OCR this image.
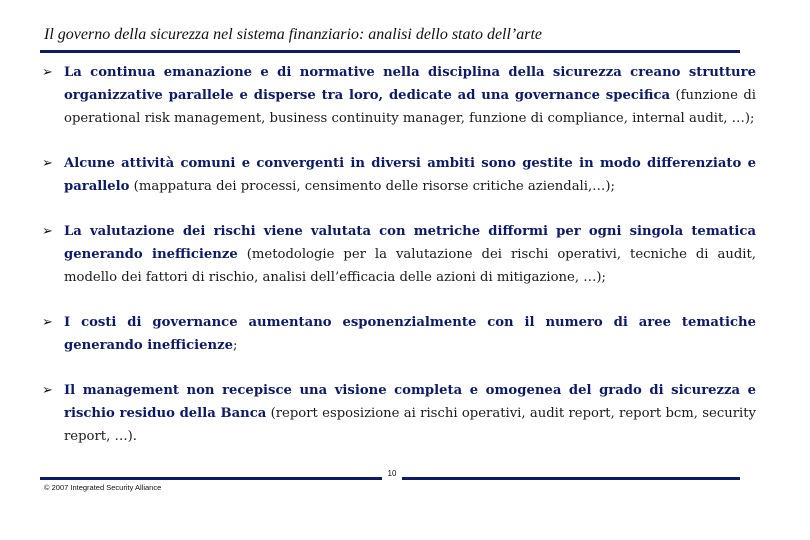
Il governo della sicurezza nel sistema finanziario: analisi dello stato dell’arte
➢ La continua emanazione e di normative nella disciplina della sicurezza creano strutture organizzative parallele e disperse tra loro, dedicate ad una governance specifica (funzione di operational risk management, business continuity manager, funzione di compliance, internal audit, …);
➢ Alcune attività comuni e convergenti in diversi ambiti sono gestite in modo differenziato e parallelo (mappatura dei processi, censimento delle risorse critiche aziendali,…);
➢ La valutazione dei rischi viene valutata con metriche difformi per ogni singola tematica generando inefficienze (metodologie per la valutazione dei rischi operativi, tecniche di audit, modello dei fattori di rischio, analisi dell’efficacia delle azioni di mitigazione, …);
➢ I costi di governance aumentano esponenzialmente con il numero di aree tematiche generando inefficienze;
➢ Il management non recepisce una visione completa e omogenea del grado di sicurezza e rischio residuo della Banca (report esposizione ai rischi operativi, audit report, report bcm, security report, …).
10
© 2007 Integrated Security Alliance
